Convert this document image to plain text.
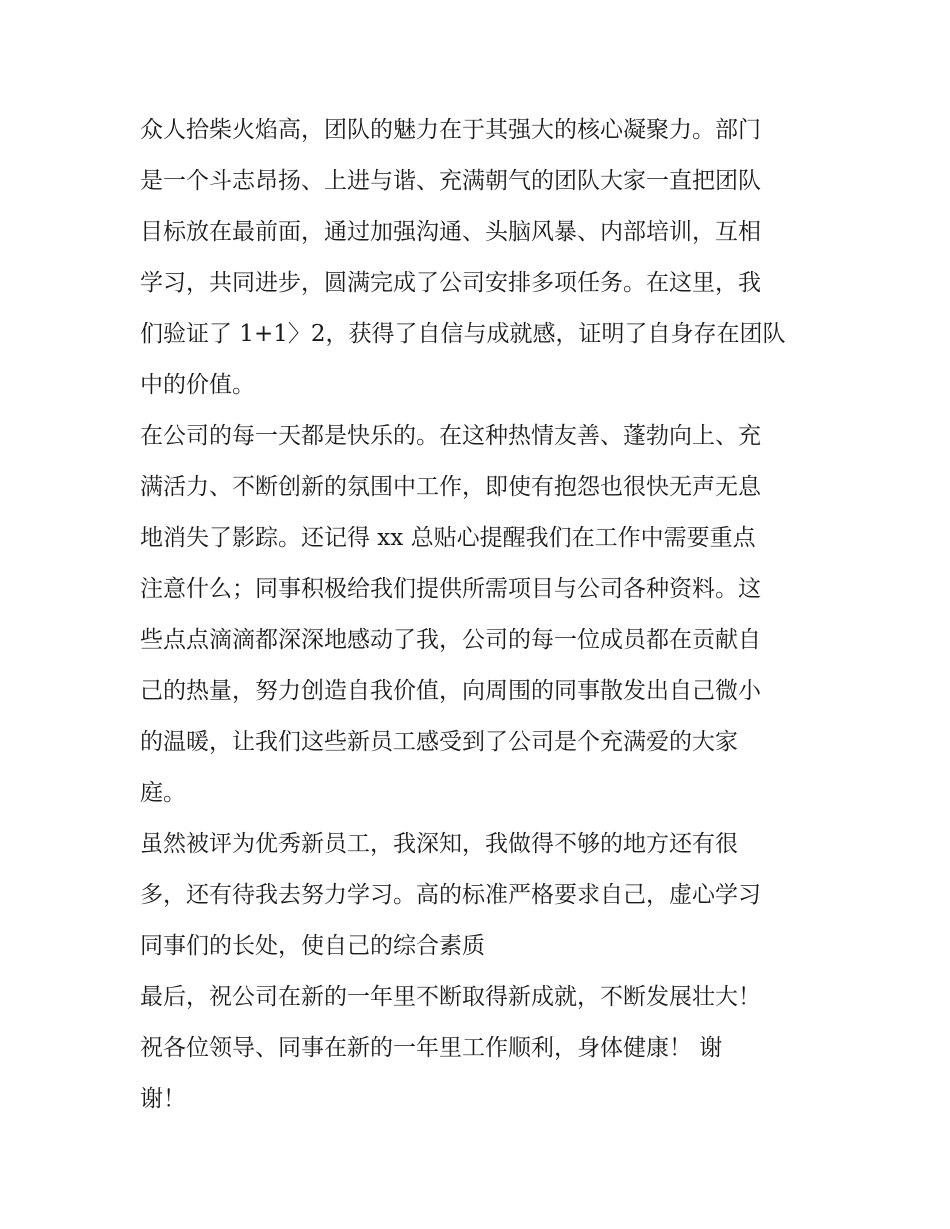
众人拾柴火焰高，团队的魅力在于其强大的核心凝聚力。部门
是一个斗志昂扬、上进与谐、充满朝气的团队大家一直把团队
目标放在最前面，通过加强沟通、头脑风暴、内部培训，互相
学习，共同进步，圆满完成了公司安排多项任务。在这里，我
们验证了 1+1〉2，获得了自信与成就感，证明了自身存在团队
中的价值。
在公司的每一天都是快乐的。在这种热情友善、蓬勃向上、充
满活力、不断创新的氛围中工作，即使有抱怨也很快无声无息
地消失了影踪。还记得 xx 总贴心提醒我们在工作中需要重点
注意什么；同事积极给我们提供所需项目与公司各种资料。这
些点点滴滴都深深地感动了我，公司的每一位成员都在贡献自
己的热量，努力创造自我价值，向周围的同事散发出自己微小
的温暖，让我们这些新员工感受到了公司是个充满爱的大家
庭。
虽然被评为优秀新员工，我深知，我做得不够的地方还有很
多，还有待我去努力学习。高的标准严格要求自己，虚心学习
同事们的长处，使自己的综合素质
最后，祝公司在新的一年里不断取得新成就，不断发展壮大！
祝各位领导、同事在新的一年里工作顺利，身体健康！ 谢
谢！
